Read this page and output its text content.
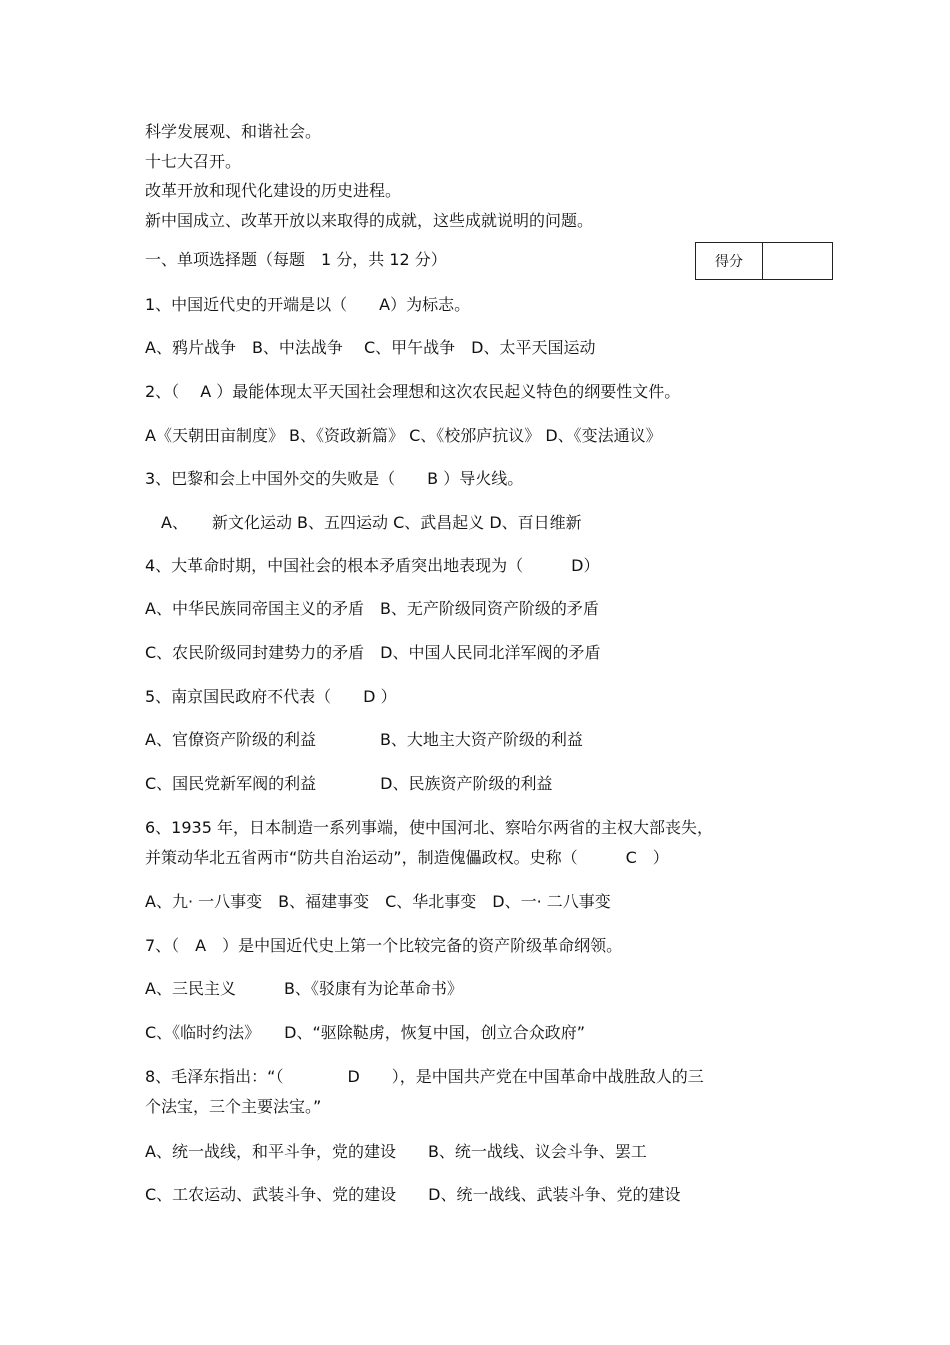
科学发展观、和谐社会。
十七大召开。
改革开放和现代化建设的历史进程。
新中国成立、改革开放以来取得的成就，这些成就说明的问题。
一、单项选择题（每题　1 分，共 12 分）	得分
1、中国近代史的开端是以（　　A）为标志。
A、鸦片战争　B、中法战争　 C、甲午战争　D、太平天国运动
2、（　 A ）最能体现太平天国社会理想和这次农民起义特色的纲要性文件。
A《天朝田亩制度》 B、《资政新篇》 C、《校邠庐抗议》 D、《变法通议》
3、巴黎和会上中国外交的失败是（　　B ）导火线。
　A、　　新文化运动 B、五四运动 C、武昌起义 D、百日维新
4、大革命时期，中国社会的根本矛盾突出地表现为（　　　D）
A、中华民族同帝国主义的矛盾　B、无产阶级同资产阶级的矛盾
C、农民阶级同封建势力的矛盾　D、中国人民同北洋军阀的矛盾
5、南京国民政府不代表（　　D ）
A、官僚资产阶级的利益　　　　B、大地主大资产阶级的利益
C、国民党新军阀的利益　　　　D、民族资产阶级的利益
6、1935 年，日本制造一系列事端，使中国河北、察哈尔两省的主权大部丧失，
并策动华北五省两市“防共自治运动”，制造傀儡政权。史称（　　　C　）
A、九· 一八事变　B、福建事变　C、华北事变　D、一· 二八事变
7、（　A　）是中国近代史上第一个比较完备的资产阶级革命纲领。
A、三民主义　　　B、《驳康有为论革命书》
C、《临时约法》　　D、“驱除鞑虏，恢复中国，创立合众政府”
8、毛泽东指出：“（　　　　D　　），是中国共产党在中国革命中战胜敌人的三
个法宝，三个主要法宝。”
A、统一战线，和平斗争，党的建设　　B、统一战线、议会斗争、罢工
C、工农运动、武装斗争、党的建设　　D、统一战线、武装斗争、党的建设
